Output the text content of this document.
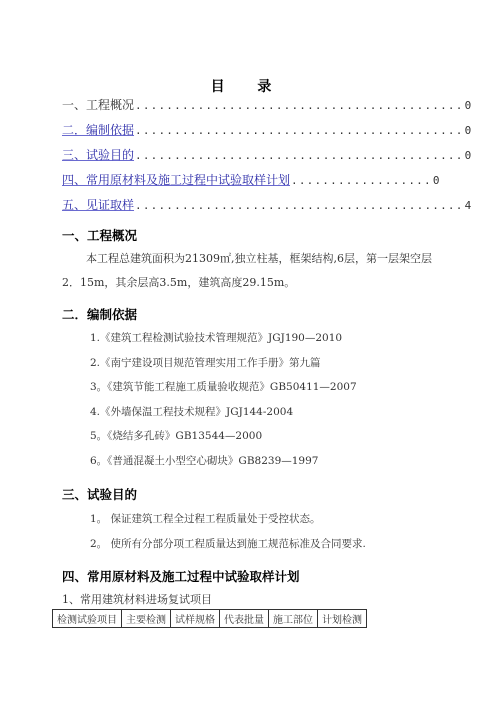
目 录
一、工程概况 .......................................... 0
二．编制依据 .......................................... 0
三、试验目的 .......................................... 0
四、常用原材料及施工过程中试验取样计划 .................. 0
五、见证取样 .......................................... 4
一、工程概况

本工程总建筑面积为21309㎡,独立柱基，框架结构,6层，第一层架空层2．15m，其余层高3.5m，建筑高度29.15m。

二．编制依据
1.《建筑工程检测试验技术管理规范》JGJ190—2010
2.《南宁建设项目规范管理实用工作手册》第九篇
3。《建筑节能工程施工质量验收规范》GB50411—2007
4.《外墙保温工程技术规程》JGJ144-2004
5。《烧结多孔砖》GB13544—2000
6。《普通混凝土小型空心砌块》GB8239—1997
三、试验目的
1。 保证建筑工程全过程工程质量处于受控状态。
2。 使所有分部分项工程质量达到施工规范标准及合同要求.
四、常用原材料及施工过程中试验取样计划

1、常用建筑材料进场复试项目

检测试验项目	主要检测	试样规格	代表批量	施工部位	计划检测
